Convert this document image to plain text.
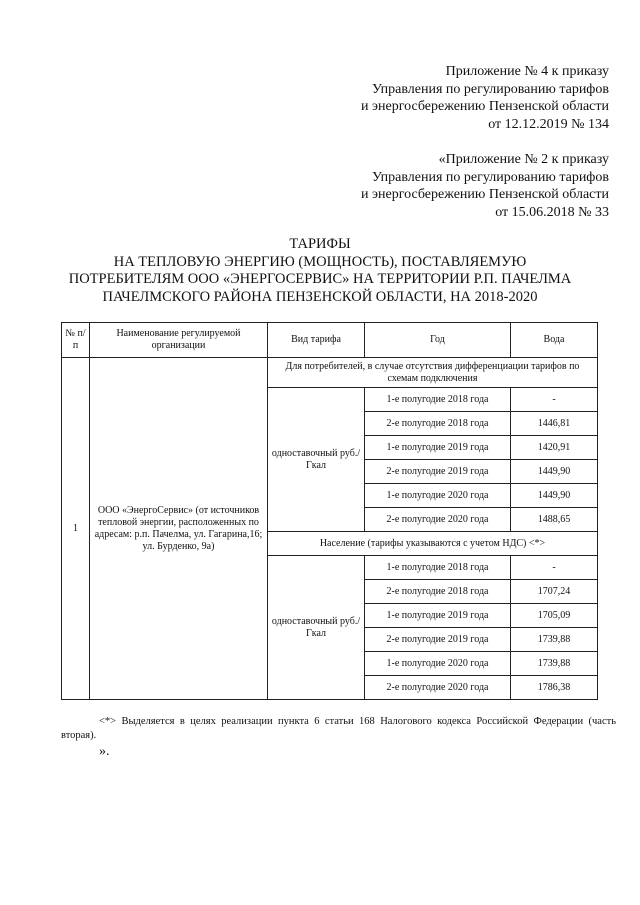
Приложение № 4 к приказу
Управления по регулированию тарифов
и энергосбережению Пензенской области
от 12.12.2019 № 134
«Приложение № 2 к приказу
Управления по регулированию тарифов
и энергосбережению Пензенской области
от 15.06.2018 № 33
ТАРИФЫ
НА ТЕПЛОВУЮ ЭНЕРГИЮ (МОЩНОСТЬ), ПОСТАВЛЯЕМУЮ
ПОТРЕБИТЕЛЯМ ООО «ЭНЕРГОСЕРВИС» НА ТЕРРИТОРИИ Р.П. ПАЧЕЛМА
ПАЧЕЛМСКОГО РАЙОНА ПЕНЗЕНСКОЙ ОБЛАСТИ, НА 2018-2020
№ п/п	Наименование регулируемой организации	Вид тарифа	Год	Вода
1	ООО «ЭнергоСервис» (от источников тепловой энергии, расположенных по адресам: р.п. Пачелма, ул. Гагарина,16; ул. Бурденко, 9а)	Для потребителей, в случае отсутствия дифференциации тарифов по схемам подключения		
		одноставочный руб./Гкал	1-е полугодие 2018 года	-
			2-е полугодие 2018 года	1446,81
			1-е полугодие 2019 года	1420,91
			2-е полугодие 2019 года	1449,90
			1-е полугодие 2020 года	1449,90
			2-е полугодие 2020 года	1488,65
		Население (тарифы указываются с учетом НДС) <*>		
		одноставочный руб./Гкал	1-е полугодие 2018 года	-
			2-е полугодие 2018 года	1707,24
			1-е полугодие 2019 года	1705,09
			2-е полугодие 2019 года	1739,88
			1-е полугодие 2020 года	1739,88
			2-е полугодие 2020 года	1786,38
<*> Выделяется в целях реализации пункта 6 статьи 168 Налогового кодекса Российской Федерации (часть вторая).
».
